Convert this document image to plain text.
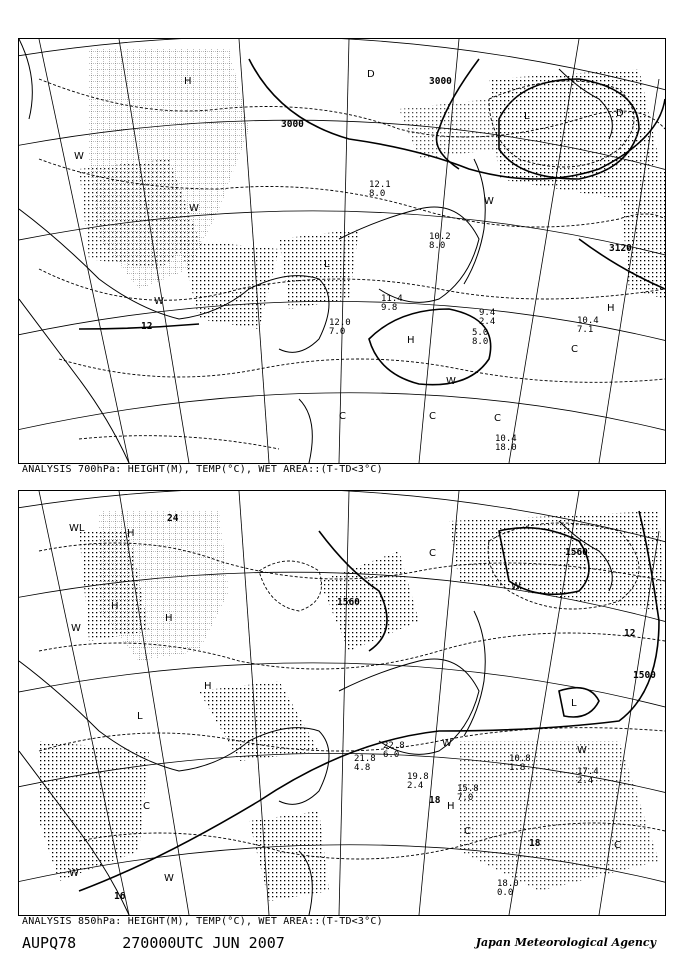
3000
3000
3120
12
H
W
W
W
L
W
C	C	C
H
C
W
H
D
L	D
10.4 18.0
9.4 2.4
5.0 8.0
10.4 7.1
12.0 7.0
10.2 8.0
11.4 9.8
12.1 8.0
ANALYSIS 700hPa: HEIGHT(M), TEMP(°C), WET AREA::(T-TD<3°C)
1560
1500
1560
12
18
16
24
18
WL	H
H
W
L
H
C
W	W
H
C
W
L
W
C
W
C
H
17.4 2.4
18.0 0.0
15.8 7.0
10.8 1.8
22.8 6.0
19.8 2.4
21.8 4.8
ANALYSIS 850hPa: HEIGHT(M), TEMP(°C), WET AREA::(T-TD<3°C)
AUPQ78	270000UTC JUN 2007	Japan Meteorological Agency
